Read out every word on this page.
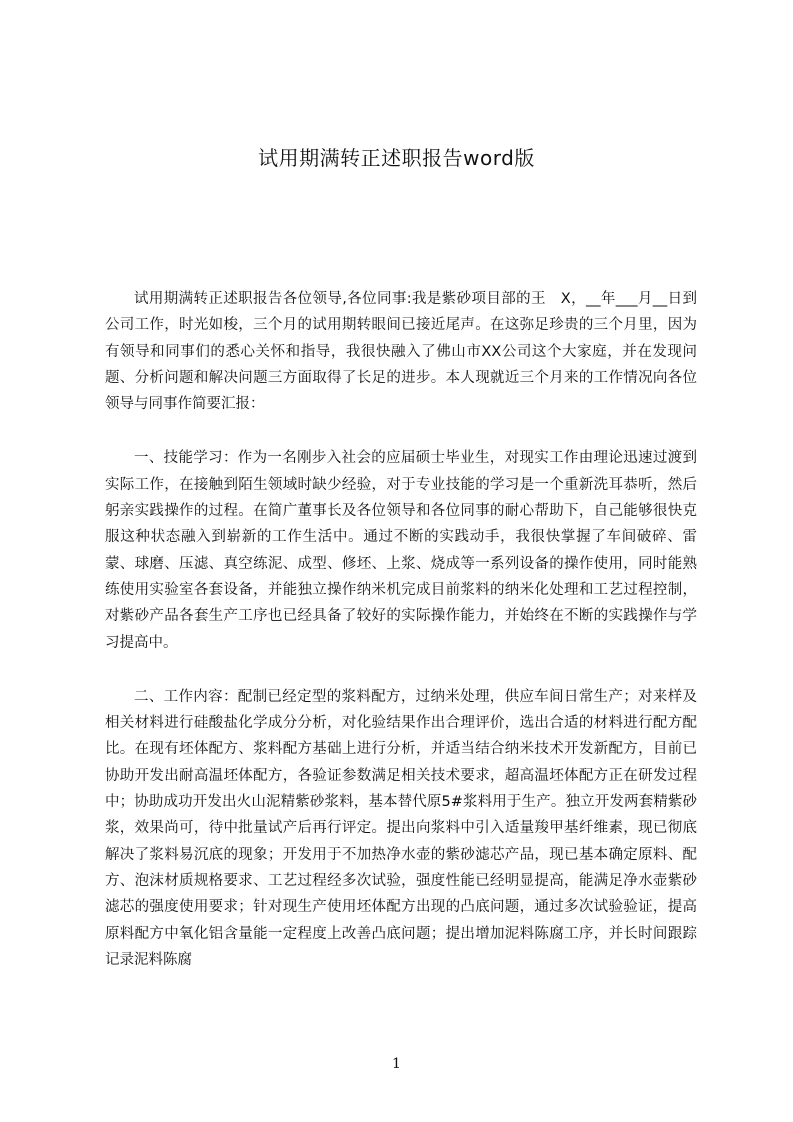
试用期满转正述职报告word版

试用期满转正述职报告各位领导,各位同事:我是紫砂项目部的王　X，__年___月__日到公司工作，时光如梭，三个月的试用期转眼间已接近尾声。在这弥足珍贵的三个月里，因为有领导和同事们的悉心关怀和指导，我很快融入了佛山市XX公司这个大家庭，并在发现问题、分析问题和解决问题三方面取得了长足的进步。本人现就近三个月来的工作情况向各位领导与同事作简要汇报：

一、技能学习：作为一名刚步入社会的应届硕士毕业生，对现实工作由理论迅速过渡到实际工作，在接触到陌生领域时缺少经验，对于专业技能的学习是一个重新洗耳恭听，然后躬亲实践操作的过程。在简广董事长及各位领导和各位同事的耐心帮助下，自己能够很快克服这种状态融入到崭新的工作生活中。通过不断的实践动手，我很快掌握了车间破碎、雷蒙、球磨、压滤、真空练泥、成型、修坯、上浆、烧成等一系列设备的操作使用，同时能熟练使用实验室各套设备，并能独立操作纳米机完成目前浆料的纳米化处理和工艺过程控制，对紫砂产品各套生产工序也已经具备了较好的实际操作能力，并始终在不断的实践操作与学习提高中。

二、工作内容：配制已经定型的浆料配方，过纳米处理，供应车间日常生产；对来样及相关材料进行硅酸盐化学成分分析，对化验结果作出合理评价，选出合适的材料进行配方配比。在现有坯体配方、浆料配方基础上进行分析，并适当结合纳米技术开发新配方，目前已协助开发出耐高温坯体配方，各验证参数满足相关技术要求，超高温坯体配方正在研发过程中；协助成功开发出火山泥精紫砂浆料，基本替代原5#浆料用于生产。独立开发两套精紫砂浆，效果尚可，待中批量试产后再行评定。提出向浆料中引入适量羧甲基纤维素，现已彻底解决了浆料易沉底的现象；开发用于不加热净水壶的紫砂滤芯产品，现已基本确定原料、配方、泡沫材质规格要求、工艺过程经多次试验，强度性能已经明显提高，能满足净水壶紫砂滤芯的强度使用要求；针对现生产使用坯体配方出现的凸底问题，通过多次试验验证，提高原料配方中氧化铝含量能一定程度上改善凸底问题；提出增加泥料陈腐工序，并长时间跟踪记录泥料陈腐

1
